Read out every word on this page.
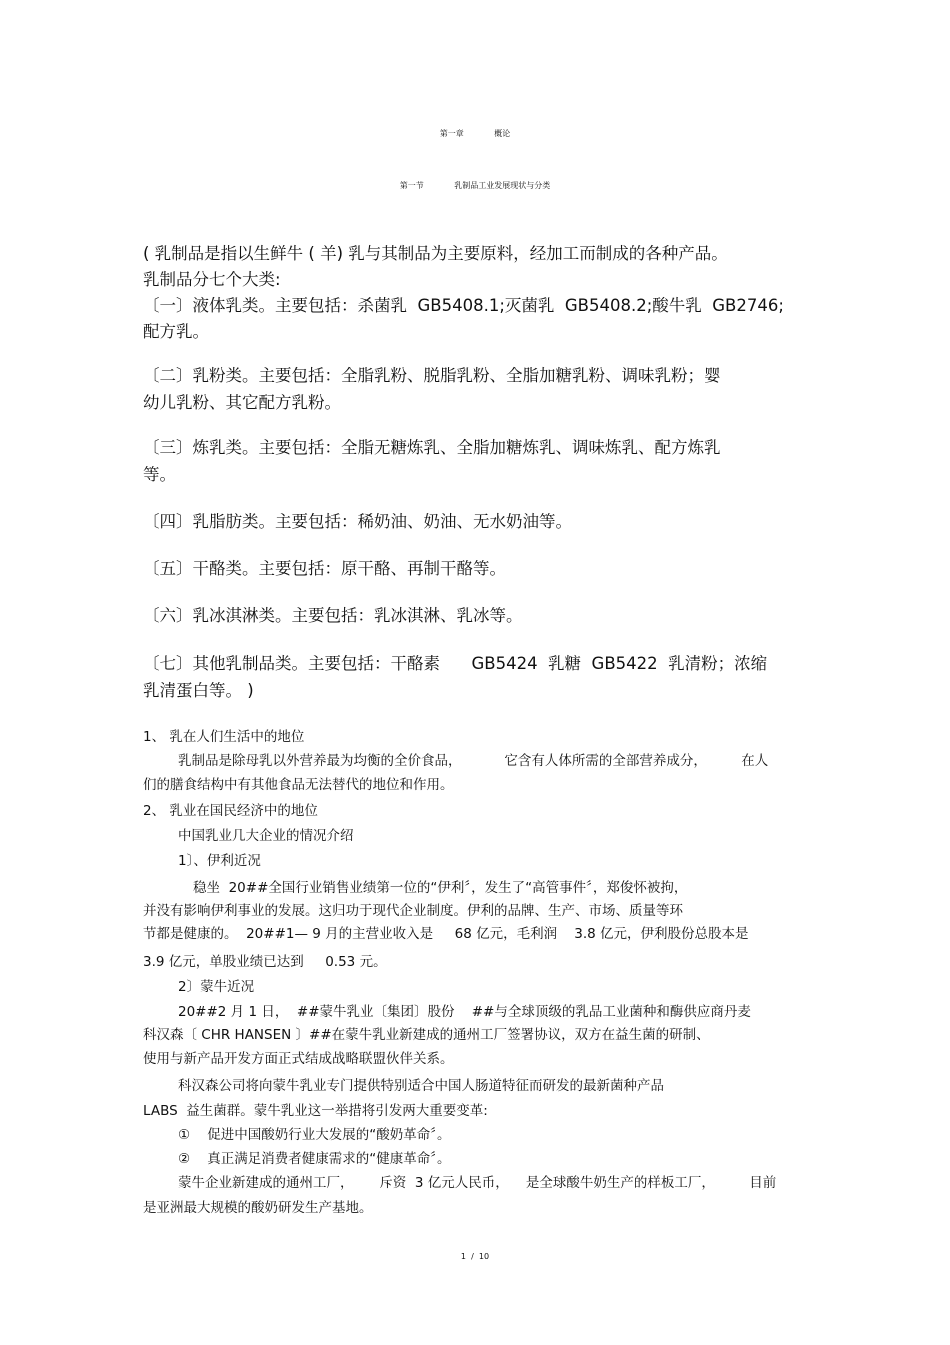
第一章 概论
第一节 乳制品工业发展现状与分类
( 乳制品是指以生鲜牛 ( 羊) 乳与其制品为主要原料，经加工而制成的各种产品。
乳制品分七个大类:
〔一〕液体乳类。主要包括：杀菌乳  GB5408.1;灭菌乳  GB5408.2;酸牛乳  GB2746;
配方乳。
〔二〕乳粉类。主要包括：全脂乳粉、脱脂乳粉、全脂加糖乳粉、调味乳粉；婴
幼儿乳粉、其它配方乳粉。
〔三〕炼乳类。主要包括：全脂无糖炼乳、全脂加糖炼乳、调味炼乳、配方炼乳
等。
〔四〕乳脂肪类。主要包括：稀奶油、奶油、无水奶油等。
〔五〕干酪类。主要包括：原干酪、再制干酪等。
〔六〕乳冰淇淋类。主要包括：乳冰淇淋、乳冰等。
〔七〕其他乳制品类。主要包括：干酪素      GB5424  乳糖  GB5422  乳清粉；浓缩
乳清蛋白等。 )
1、 乳在人们生活中的地位
乳制品是除母乳以外营养最为均衡的全价食品，          它含有人体所需的全部营养成分，        在人
们的膳食结构中有其他食品无法替代的地位和作用。
2、 乳业在国民经济中的地位
中国乳业几大企业的情况介绍
1〕、伊利近况
稳坐  20##全国行业销售业绩第一位的“伊利〞，发生了“高管事件〞，郑俊怀被拘，
并没有影响伊利事业的发展。这归功于现代企业制度。伊利的品牌、生产、市场、质量等环
节都是健康的。  20##1— 9 月的主营业收入是     68 亿元，毛利润    3.8 亿元，伊利股份总股本是
3.9 亿元，单股业绩已达到     0.53 元。
2〕蒙牛近况
20##2 月 1 日，  ##蒙牛乳业〔集团〕股份    ##与全球顶级的乳品工业菌种和酶供应商丹麦
科汉森〔 CHR HANSEN 〕##在蒙牛乳业新建成的通州工厂签署协议，双方在益生菌的研制、
使用与新产品开发方面正式结成战略联盟伙伴关系。
科汉森公司将向蒙牛乳业专门提供特别适合中国人肠道特征而研发的最新菌种产品
LABS  益生菌群。蒙牛乳业这一举措将引发两大重要变革:
①    促进中国酸奶行业大发展的“酸奶革命〞。
②    真正满足消费者健康需求的“健康革命〞。
蒙牛企业新建成的通州工厂，      斥资  3 亿元人民币，    是全球酸牛奶生产的样板工厂，        目前
是亚洲最大规模的酸奶研发生产基地。
1  /  10
